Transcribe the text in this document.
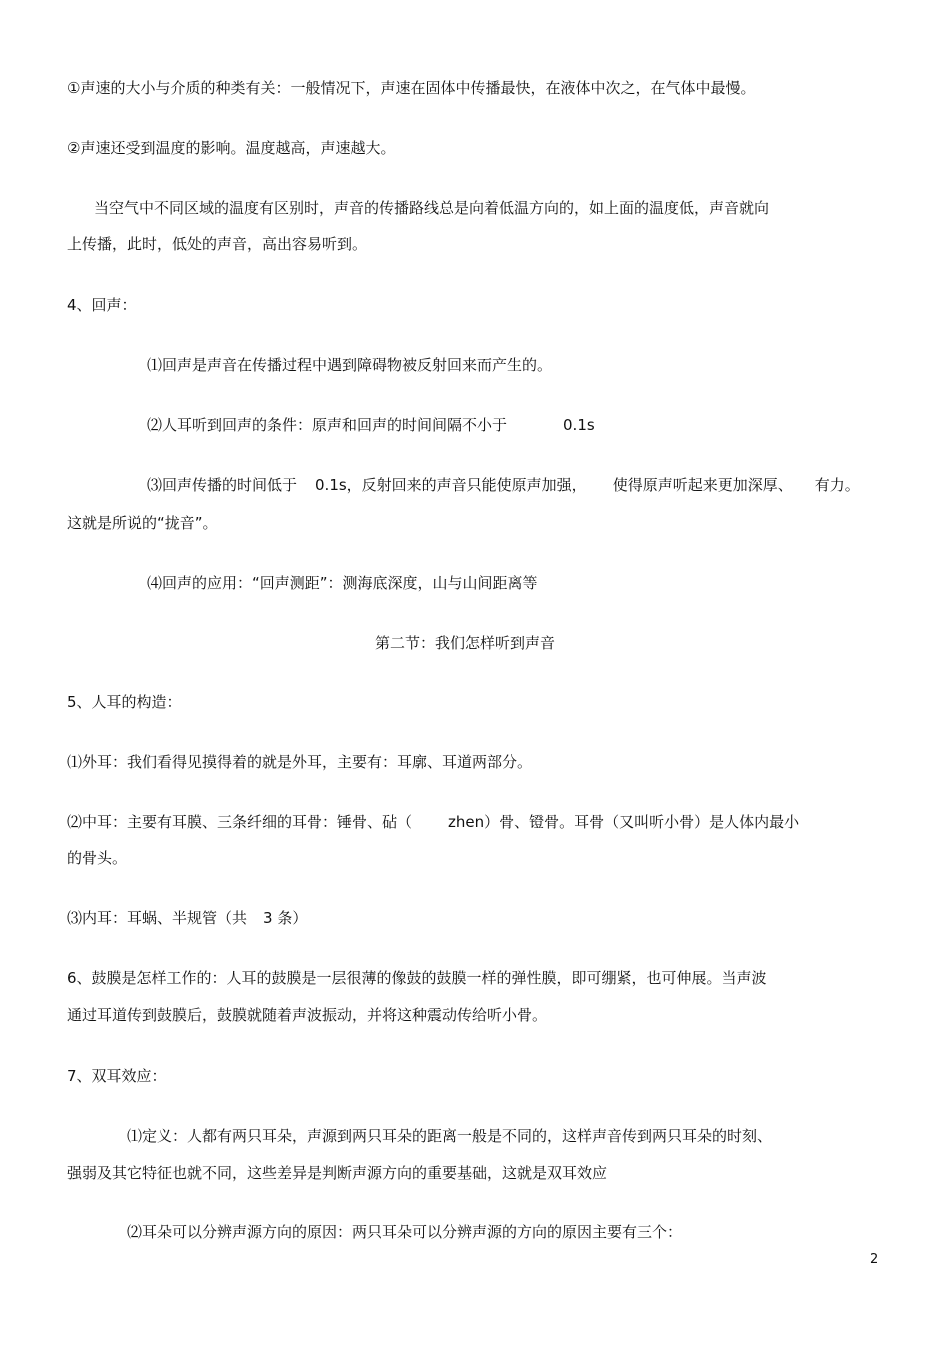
①声速的大小与介质的种类有关：一般情况下，声速在固体中传播最快，在液体中次之，在气体中最慢。
②声速还受到温度的影响。温度越高，声速越大。
当空气中不同区域的温度有区别时，声音的传播路线总是向着低温方向的，如上面的温度低，声音就向
上传播，此时，低处的声音，高出容易听到。
4、回声：
⑴回声是声音在传播过程中遇到障碍物被反射回来而产生的。
⑵人耳听到回声的条件：原声和回声的时间间隔不小于	0.1s
⑶回声传播的时间低于 0.1s，反射回来的声音只能使原声加强， 使得原声听起来更加深厚、 有力。
这就是所说的“拢音”。
⑷回声的应用：“回声测距”：测海底深度，山与山间距离等
第二节：我们怎样听到声音
5、人耳的构造：
⑴外耳：我们看得见摸得着的就是外耳，主要有：耳廓、耳道两部分。
⑵中耳：主要有耳膜、三条纤细的耳骨：锤骨、砧（ zhen）骨、镫骨。耳骨（又叫听小骨）是人体内最小
的骨头。
⑶内耳：耳蜗、半规管（共 3 条）
6、鼓膜是怎样工作的：人耳的鼓膜是一层很薄的像鼓的鼓膜一样的弹性膜，即可绷紧，也可伸展。当声波
通过耳道传到鼓膜后，鼓膜就随着声波振动，并将这种震动传给听小骨。
7、双耳效应：
⑴定义：人都有两只耳朵，声源到两只耳朵的距离一般是不同的，这样声音传到两只耳朵的时刻、
强弱及其它特征也就不同，这些差异是判断声源方向的重要基础，这就是双耳效应
⑵耳朵可以分辨声源方向的原因：两只耳朵可以分辨声源的方向的原因主要有三个：
2
